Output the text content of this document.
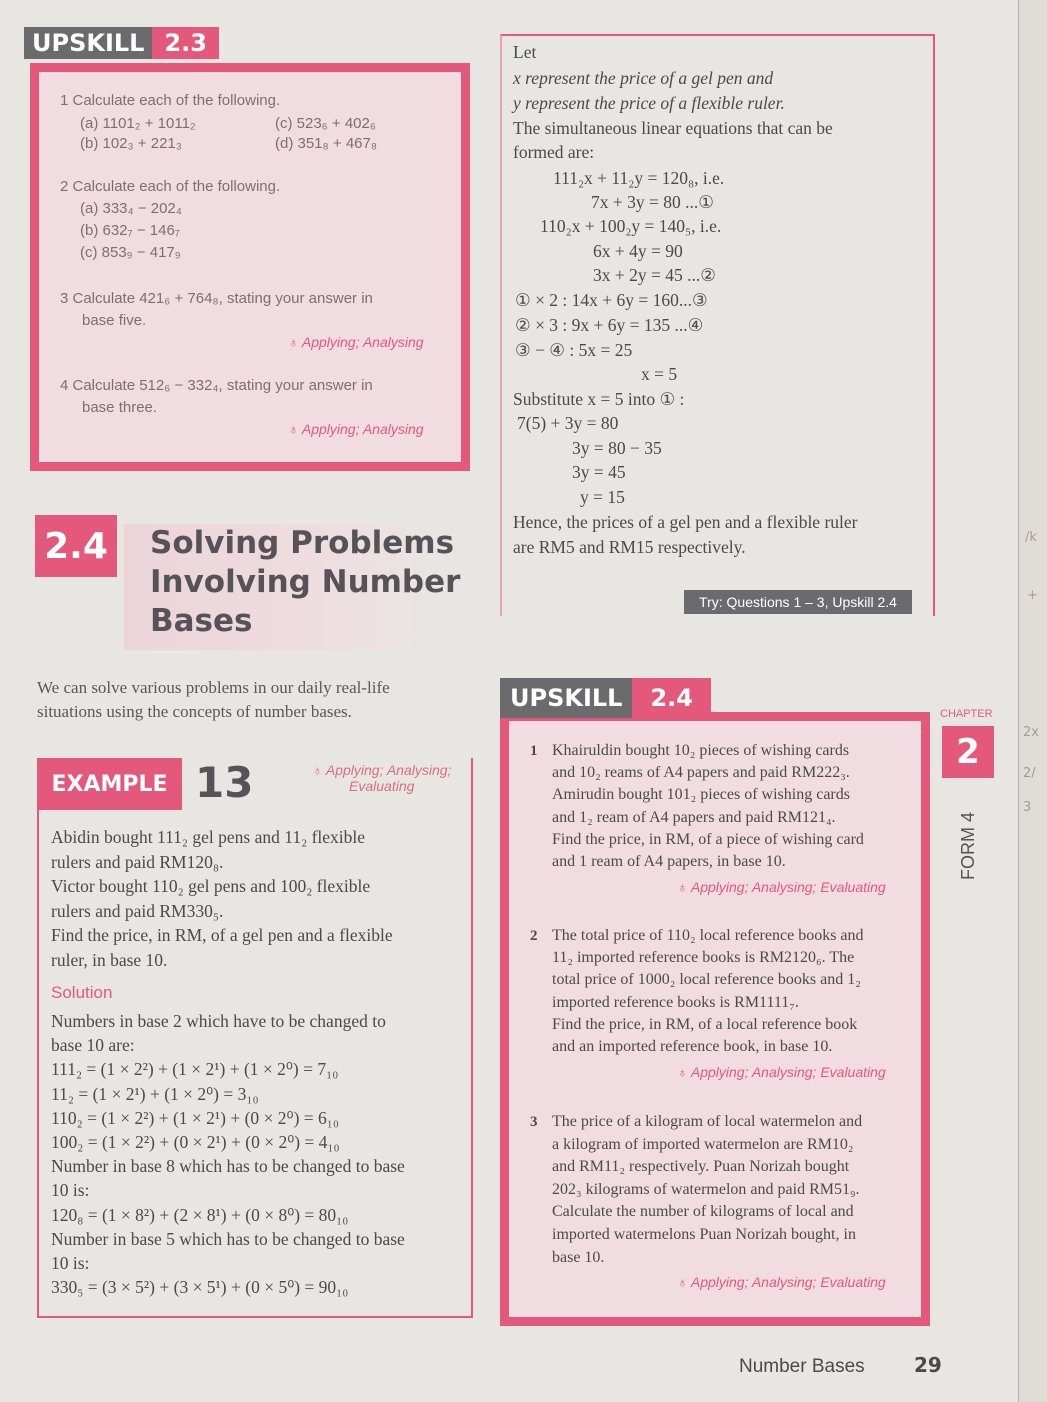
UPSKILL 2.3
1 Calculate each of the following.
(a) 1101₂ + 1011₂
(b) 102₃ + 221₃
(c) 523₆ + 402₆
(d) 351₈ + 467₈
2 Calculate each of the following.
(a) 333₄ − 202₄
(b) 632₇ − 146₇
(c) 853₉ − 417₉
3 Calculate 421₆ + 764₈, stating your answer in
base five.
♁ Applying; Analysing
4 Calculate 512₆ − 332₄, stating your answer in
base three.
♁ Applying; Analysing
2.4 Solving Problems
Involving Number
Bases
We can solve various problems in our daily real-life
situations using the concepts of number bases.
EXAMPLE 13	♁ Applying; Analysing;
Evaluating
Abidin bought 111₂ gel pens and 11₂ flexible
rulers and paid RM120₈.
Victor bought 110₂ gel pens and 100₂ flexible
rulers and paid RM330₅.
Find the price, in RM, of a gel pen and a flexible
ruler, in base 10.
Solution
Numbers in base 2 which have to be changed to
base 10 are:
111₂ = (1 × 2²) + (1 × 2¹) + (1 × 2⁰) = 7₁₀
11₂ = (1 × 2¹) + (1 × 2⁰) = 3₁₀
110₂ = (1 × 2²) + (1 × 2¹) + (0 × 2⁰) = 6₁₀
100₂ = (1 × 2²) + (0 × 2¹) + (0 × 2⁰) = 4₁₀
Number in base 8 which has to be changed to base
10 is:
120₈ = (1 × 8²) + (2 × 8¹) + (0 × 8⁰) = 80₁₀
Number in base 5 which has to be changed to base
10 is:
330₅ = (3 × 5²) + (3 × 5¹) + (0 × 5⁰) = 90₁₀
Let
x represent the price of a gel pen and
y represent the price of a flexible ruler.
The simultaneous linear equations that can be
formed are:
111₂x + 11₂y = 120₈, i.e.
7x + 3y = 80 ...①
110₂x + 100₂y = 140₅, i.e.
6x + 4y = 90
3x + 2y = 45 ...②
① × 2 : 14x + 6y = 160...③
② × 3 : 9x + 6y = 135 ...④
③ − ④ : 5x = 25
x = 5
Substitute x = 5 into ① :
7(5) + 3y = 80
3y = 80 − 35
3y = 45
y = 15
Hence, the prices of a gel pen and a flexible ruler
are RM5 and RM15 respectively.
Try: Questions 1 – 3, Upskill 2.4
UPSKILL 2.4
1 Khairuldin bought 10₂ pieces of wishing cards
and 10₂ reams of A4 papers and paid RM222₃.
Amirudin bought 101₂ pieces of wishing cards
and 1₂ ream of A4 papers and paid RM121₄.
Find the price, in RM, of a piece of wishing card
and 1 ream of A4 papers, in base 10.
♁ Applying; Analysing; Evaluating
2 The total price of 110₂ local reference books and
11₂ imported reference books is RM2120₆. The
total price of 1000₂ local reference books and 1₂
imported reference books is RM1111₇.
Find the price, in RM, of a local reference book
and an imported reference book, in base 10.
♁ Applying; Analysing; Evaluating
3 The price of a kilogram of local watermelon and
a kilogram of imported watermelon are RM10₂
and RM11₂ respectively. Puan Norizah bought
202₃ kilograms of watermelon and paid RM51₉.
Calculate the number of kilograms of local and
imported watermelons Puan Norizah bought, in
base 10.
♁ Applying; Analysing; Evaluating
CHAPTER
2
FORM 4
Number Bases 29
/k
+
2x
2/
3
